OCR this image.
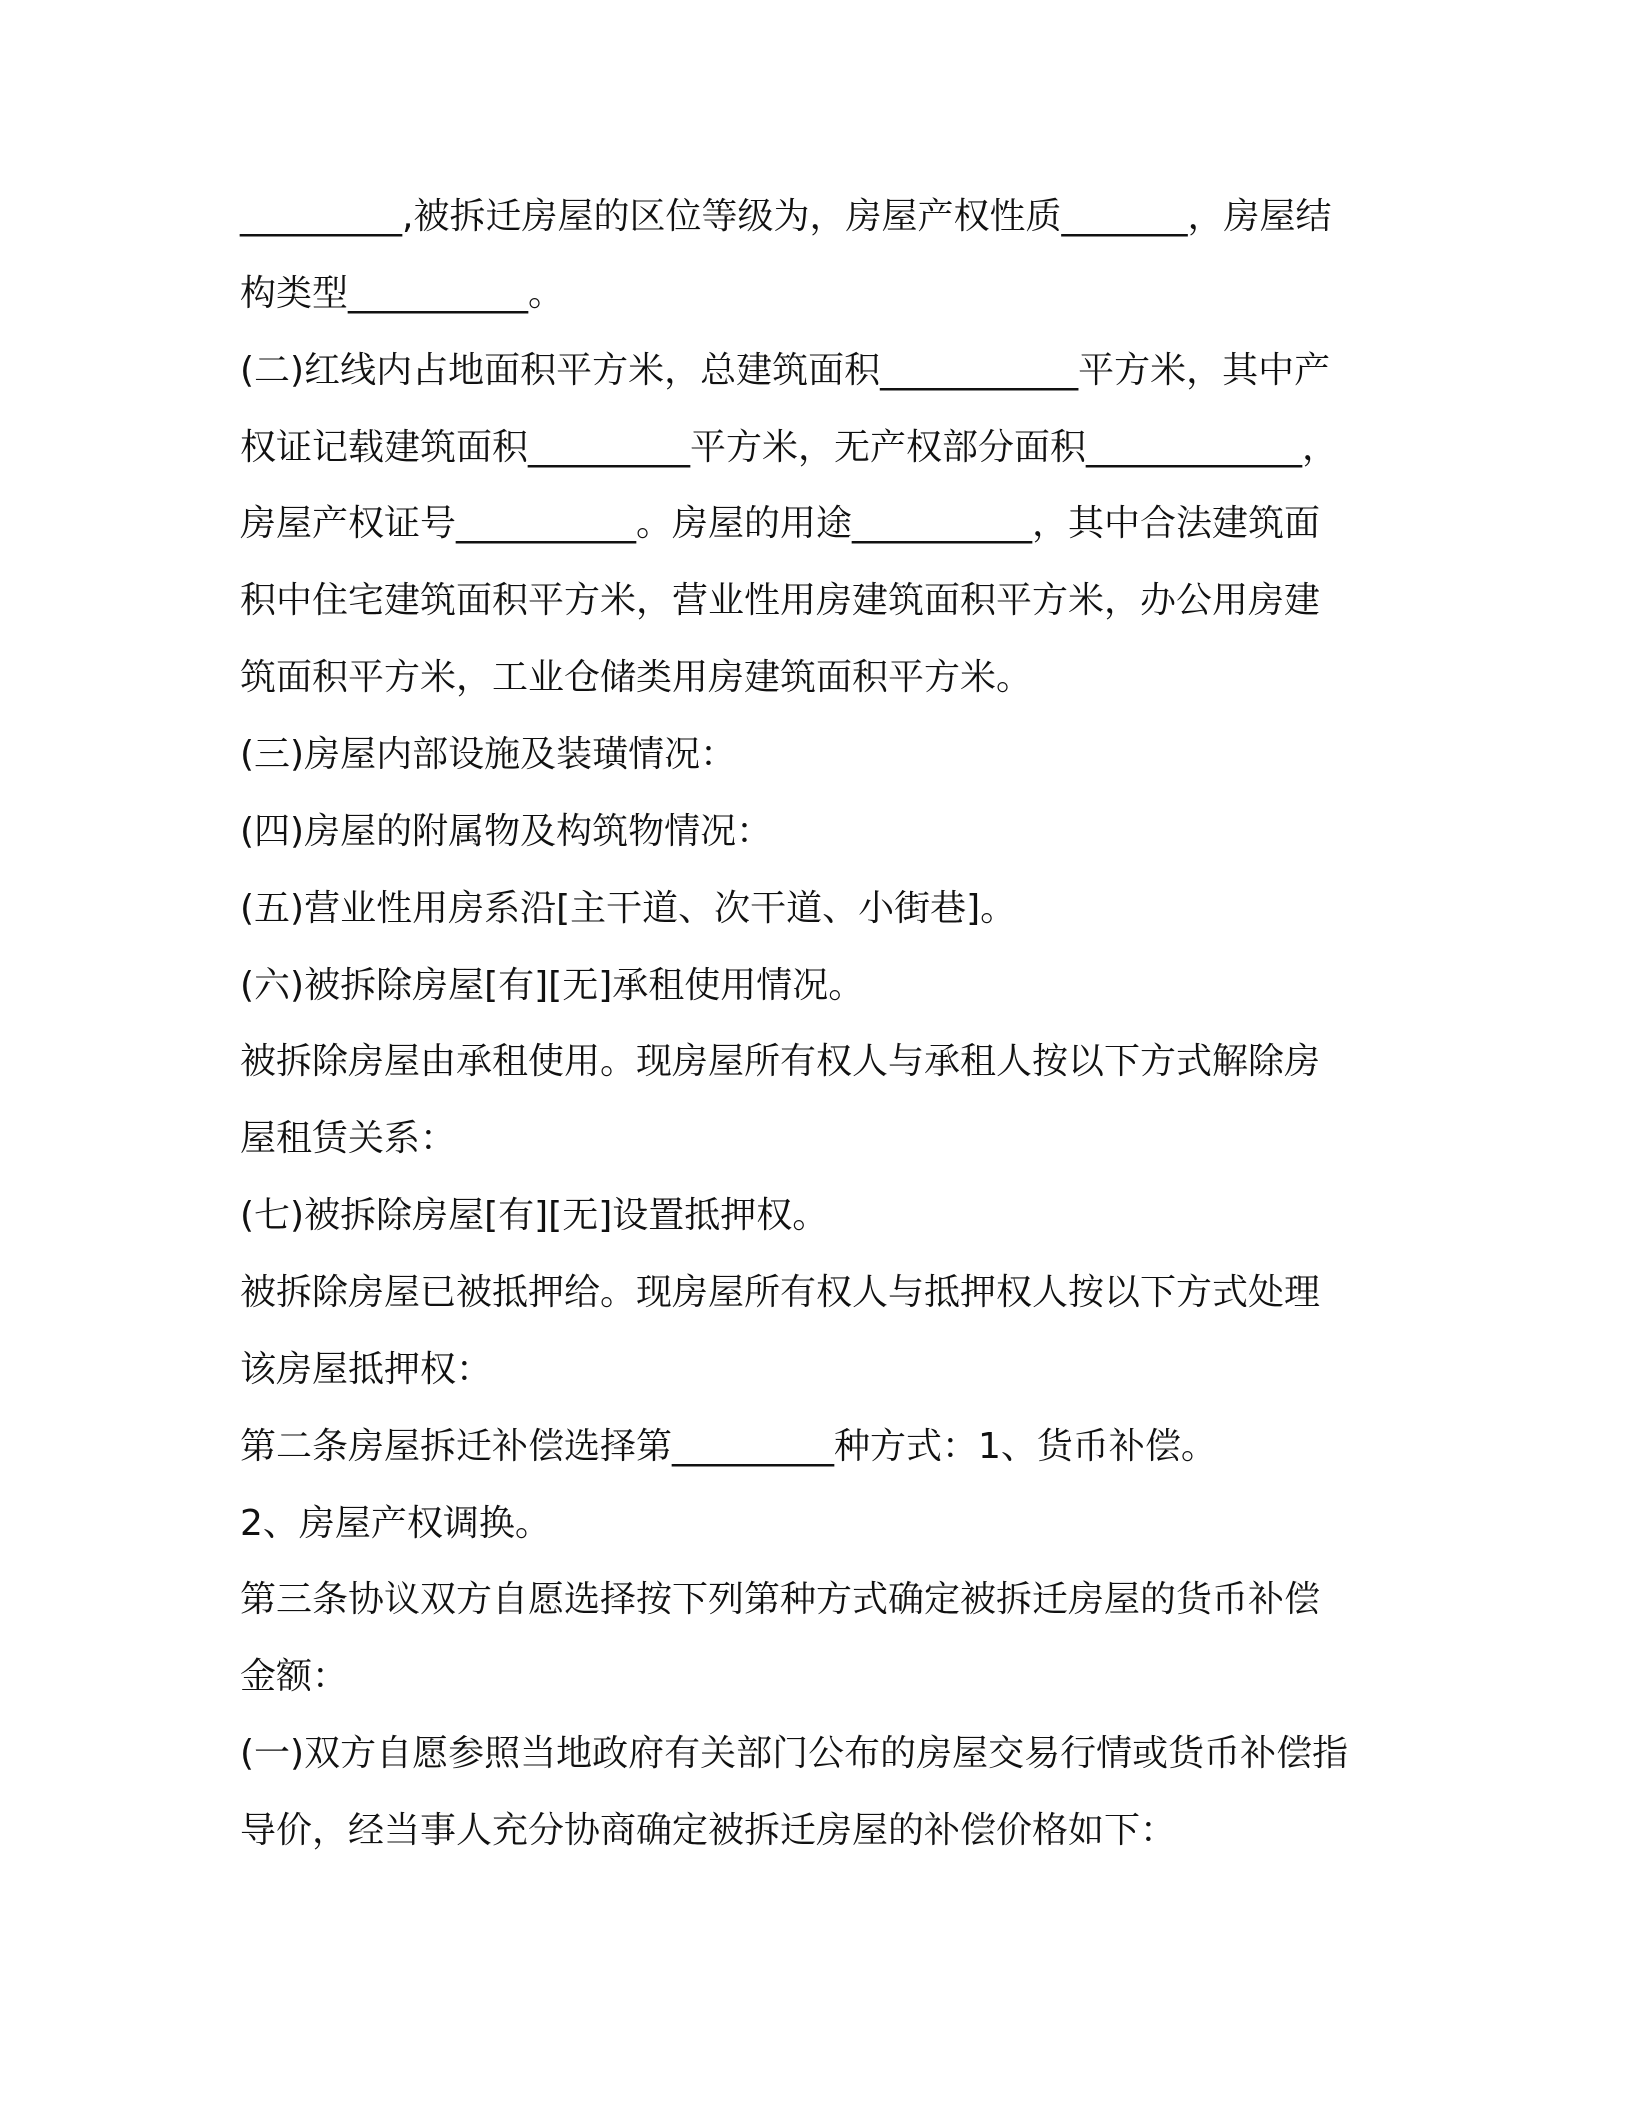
_________,被拆迁房屋的区位等级为，房屋产权性质_______，房屋结
构类型__________。
(二)红线内占地面积平方米，总建筑面积___________平方米，其中产
权证记载建筑面积_________平方米，无产权部分面积____________，
房屋产权证号__________。房屋的用途__________，其中合法建筑面
积中住宅建筑面积平方米，营业性用房建筑面积平方米，办公用房建
筑面积平方米，工业仓储类用房建筑面积平方米。
(三)房屋内部设施及装璜情况：
(四)房屋的附属物及构筑物情况：
(五)营业性用房系沿[主干道、次干道、小街巷]。
(六)被拆除房屋[有][无]承租使用情况。
被拆除房屋由承租使用。现房屋所有权人与承租人按以下方式解除房
屋租赁关系：
(七)被拆除房屋[有][无]设置抵押权。
被拆除房屋已被抵押给。现房屋所有权人与抵押权人按以下方式处理
该房屋抵押权：
第二条房屋拆迁补偿选择第_________种方式：1、货币补偿。
2、房屋产权调换。
第三条协议双方自愿选择按下列第种方式确定被拆迁房屋的货币补偿
金额：
(一)双方自愿参照当地政府有关部门公布的房屋交易行情或货币补偿指
导价，经当事人充分协商确定被拆迁房屋的补偿价格如下：
